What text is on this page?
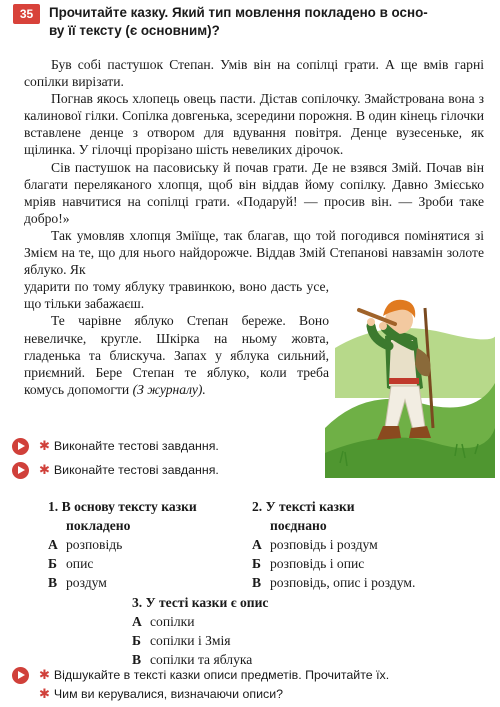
35	Прочитайте казку. Який тип мовлення покладено в осно-
ву її тексту (є основним)?

Був собі пастушок Степан. Умів він на сопілці грати. А ще вмів гарні сопілки вирізати.

Погнав якось хлопець овець пасти. Дістав сопілочку. Змайстрована вона з калинової гілки. Сопілка довгенька, зсередини порожня. В один кінець гілочки вставлене денце з отвором для вдування повітря. Денце вузесеньке, як щілинка. У гілочці прорізано шість невеликих дірочок.

Сів пастушок на пасовиську й почав грати. Де не взявся Змій. Почав він благати переляканого хлопця, щоб він віддав йому сопілку. Давно Змієсько мріяв навчитися на сопілці грати. «Подаруй! — просив він. — Зроби таке добро!»

Так умовляв хлопця Зміїще, так благав, що той погодився помінятися зі Змієм на те, що для нього найдорожче. Віддав Змій Степанові навзамін золоте яблуко. Як

ударити по тому яблуку травинкою, воно дасть усе, що тільки забажаєш.

Те чарівне яблуко Степан береже. Воно невеличке, кругле. Шкірка на ньому жовта, гладенька та блискуча. Запах у яблука сильний, приємний. Бере Степан те яблуко, коли треба комусь допомогти (З журналу).

✱ Виконайте тестові завдання.
✱ Виконайте тестові завдання.
1. В основу тексту казки
покладено
А розповідь
Б опис
В роздум
2. У тексті казки
поєднано
А розповідь і роздум
Б розповідь і опис
В розповідь, опис і роздум.
3. У тесті казки є опис
А сопілки
Б сопілки і Змія
В сопілки та яблука
✱ Відшукайте в тексті казки описи предметів. Прочитайте їх.
✱ Чим ви керувалися, визначаючи описи?
